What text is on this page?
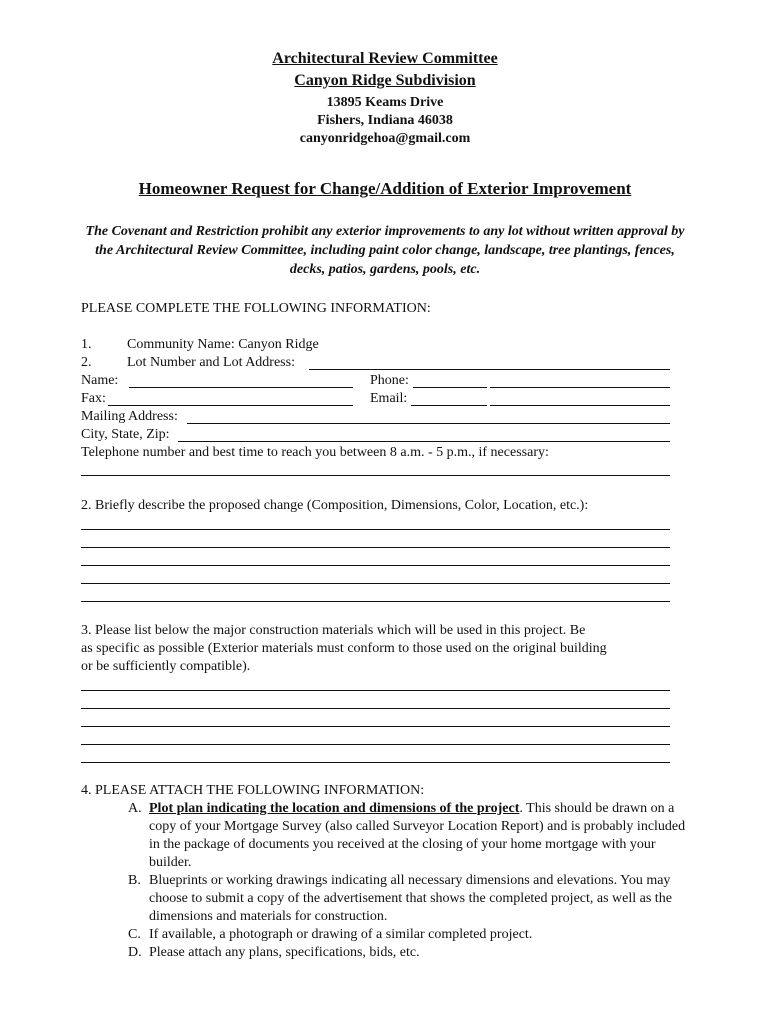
Architectural Review Committee
Canyon Ridge Subdivision
13895 Keams Drive
Fishers, Indiana 46038
canyonridgehoa@gmail.com
Homeowner Request for Change/Addition of Exterior Improvement
The Covenant and Restriction prohibit any exterior improvements to any lot without written approval by the Architectural Review Committee, including paint color change, landscape, tree plantings, fences, decks, patios, gardens, pools, etc.
PLEASE COMPLETE THE FOLLOWING INFORMATION:
1.	Community Name: Canyon Ridge
2.	Lot Number and Lot Address:
Name:	Phone:
Fax:	Email:
Mailing Address:
City, State, Zip:
Telephone number and best time to reach you between 8 a.m. - 5 p.m., if necessary:
2. Briefly describe the proposed change (Composition, Dimensions, Color, Location, etc.):
3. Please list below the major construction materials which will be used in this project. Be
as specific as possible (Exterior materials must conform to those used on the original building
or be sufficiently compatible).
4. PLEASE ATTACH THE FOLLOWING INFORMATION:
A. Plot plan indicating the location and dimensions of the project. This should be drawn on a copy of your Mortgage Survey (also called Surveyor Location Report) and is probably included in the package of documents you received at the closing of your home mortgage with your builder.
B. Blueprints or working drawings indicating all necessary dimensions and elevations. You may choose to submit a copy of the advertisement that shows the completed project, as well as the dimensions and materials for construction.
C. If available, a photograph or drawing of a similar completed project.
D. Please attach any plans, specifications, bids, etc.
